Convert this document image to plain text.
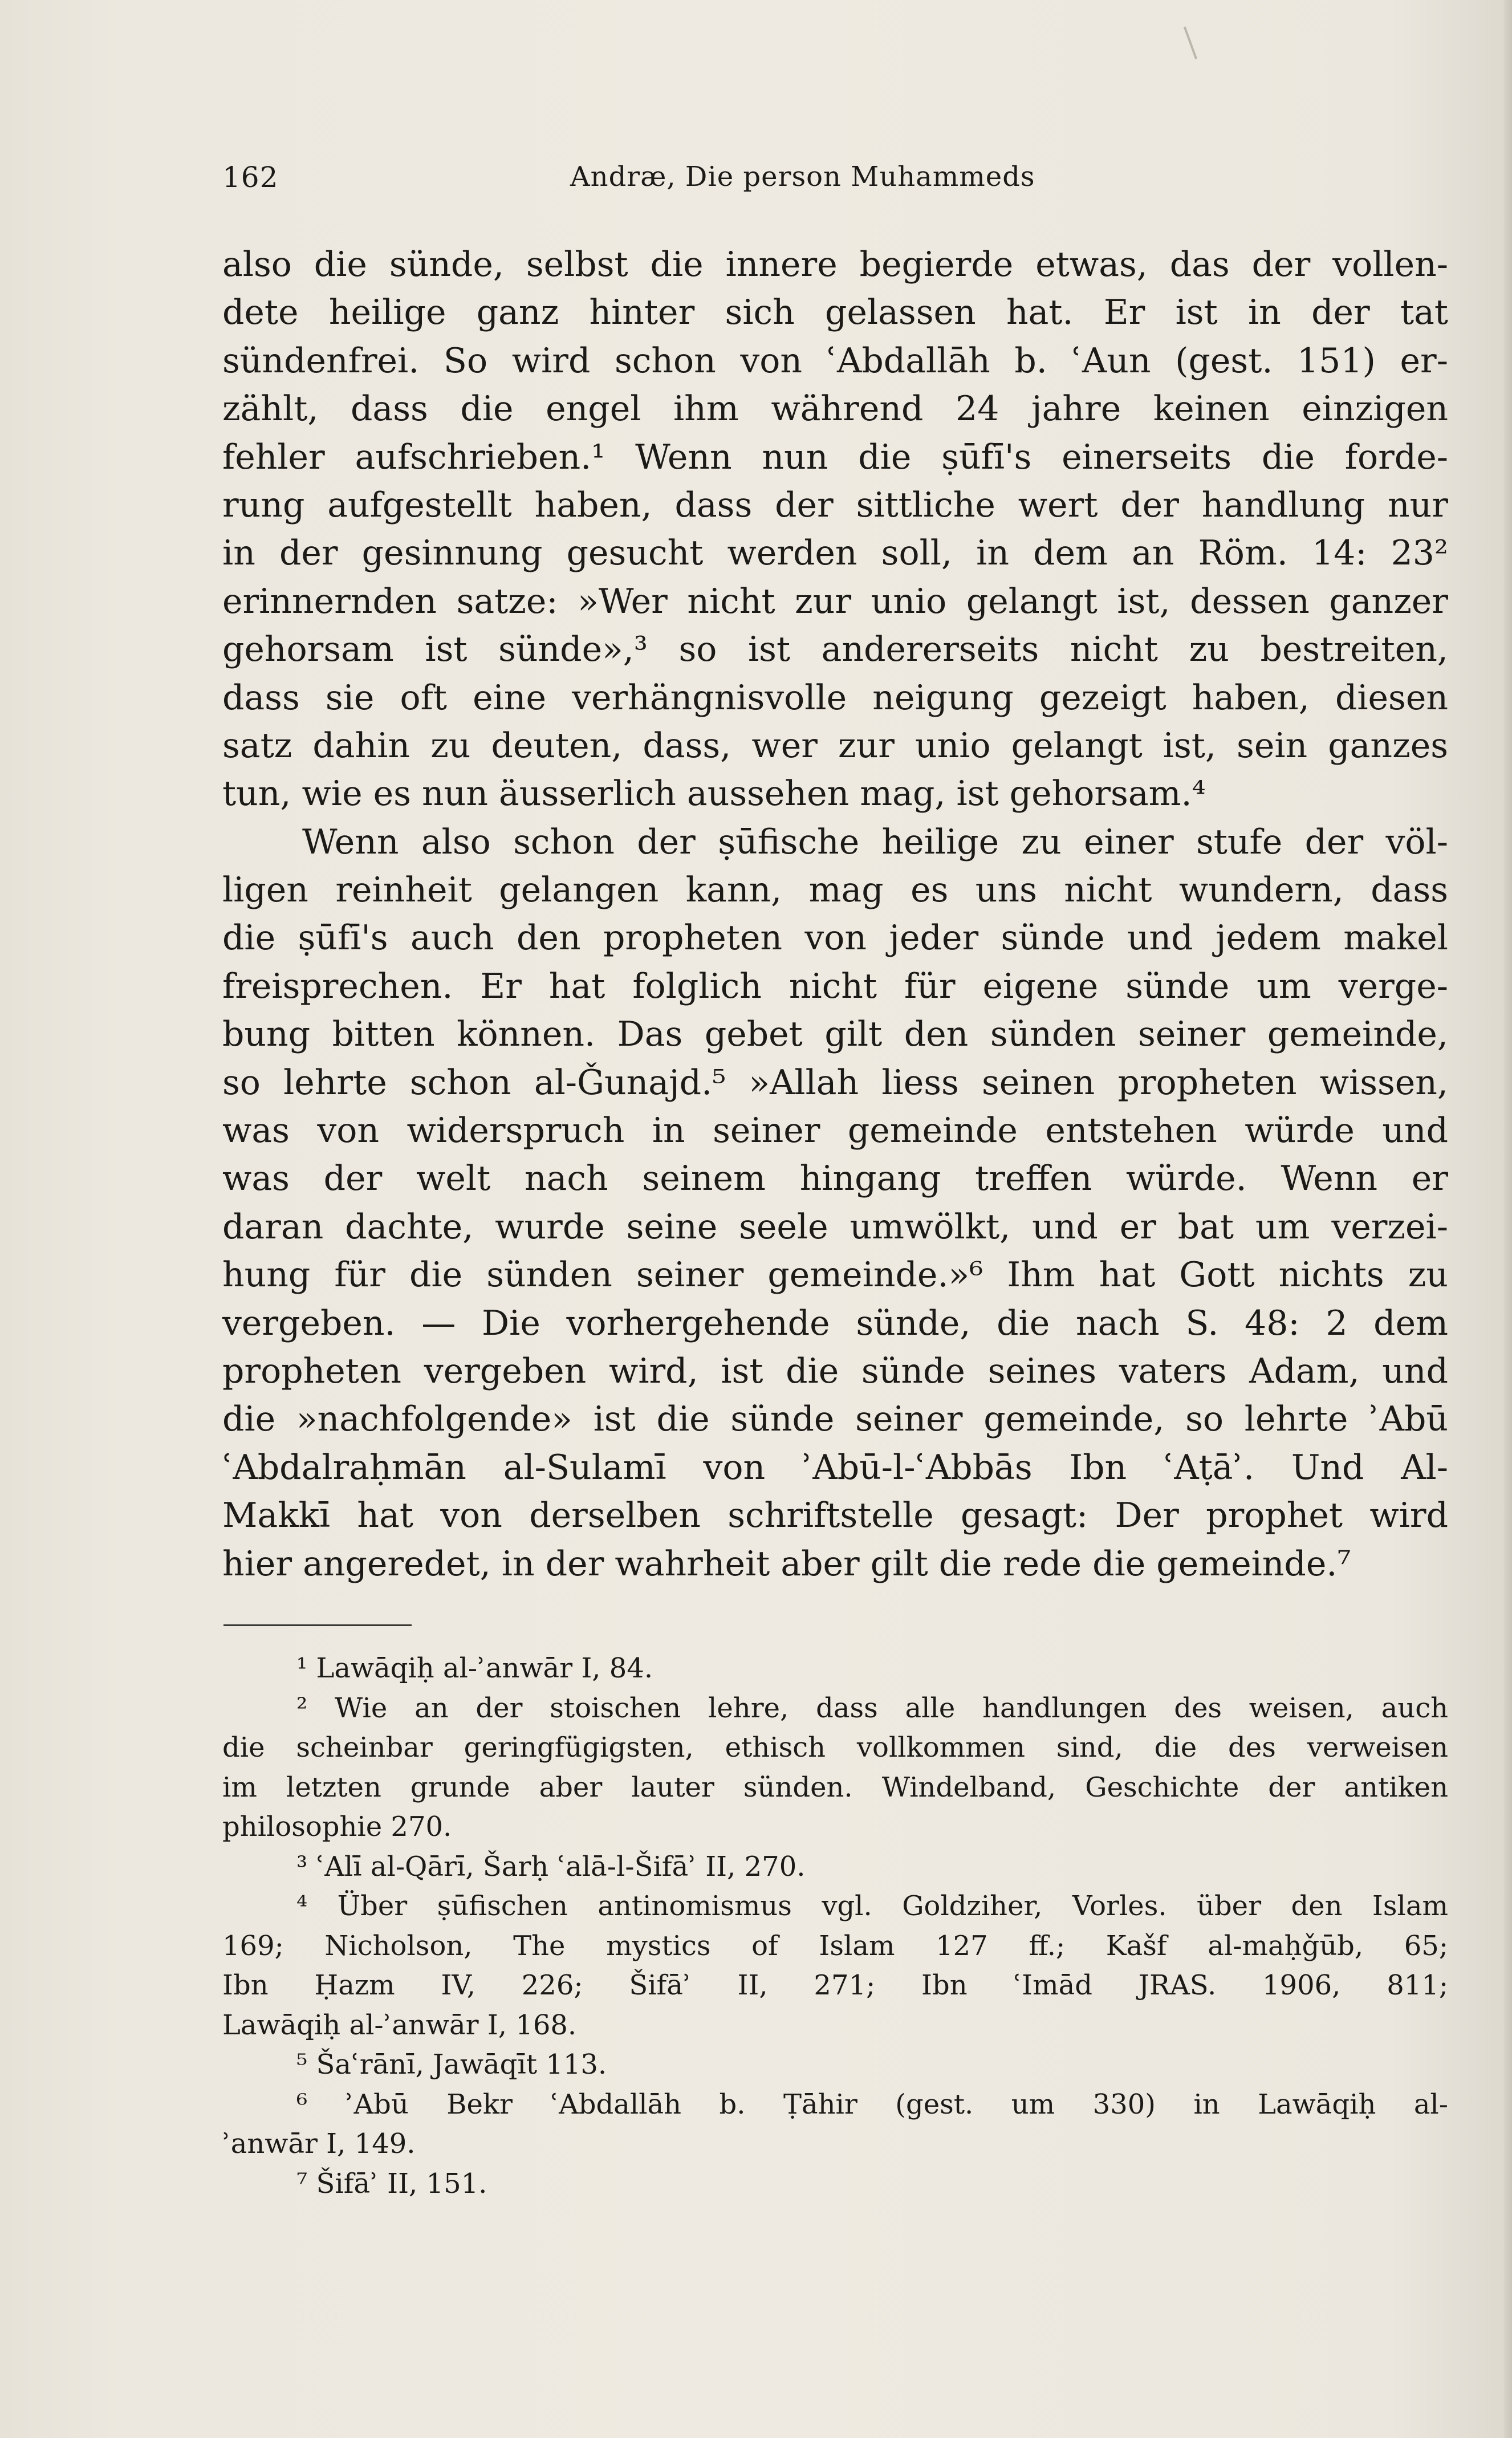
162	Andræ, Die person Muhammeds
also die sünde, selbst die innere begierde etwas, das der vollen-
dete heilige ganz hinter sich gelassen hat. Er ist in der tat
sündenfrei. So wird schon von ʿAbdallāh b. ʿAun (gest. 151) er-
zählt, dass die engel ihm während 24 jahre keinen einzigen
fehler aufschrieben.¹ Wenn nun die ṣūfī's einerseits die forde-
rung aufgestellt haben, dass der sittliche wert der handlung nur
in der gesinnung gesucht werden soll, in dem an Röm. 14: 23²
erinnernden satze: »Wer nicht zur unio gelangt ist, dessen ganzer
gehorsam ist sünde»,³ so ist andererseits nicht zu bestreiten,
dass sie oft eine verhängnisvolle neigung gezeigt haben, diesen
satz dahin zu deuten, dass, wer zur unio gelangt ist, sein ganzes
tun, wie es nun äusserlich aussehen mag, ist gehorsam.⁴
Wenn also schon der ṣūfische heilige zu einer stufe der völ-
ligen reinheit gelangen kann, mag es uns nicht wundern, dass
die ṣūfī's auch den propheten von jeder sünde und jedem makel
freisprechen. Er hat folglich nicht für eigene sünde um verge-
bung bitten können. Das gebet gilt den sünden seiner gemeinde,
so lehrte schon al-Ǧunajd.⁵ »Allah liess seinen propheten wissen,
was von widerspruch in seiner gemeinde entstehen würde und
was der welt nach seinem hingang treffen würde. Wenn er
daran dachte, wurde seine seele umwölkt, und er bat um verzei-
hung für die sünden seiner gemeinde.»⁶ Ihm hat Gott nichts zu
vergeben. — Die vorhergehende sünde, die nach S. 48: 2 dem
propheten vergeben wird, ist die sünde seines vaters Adam, und
die »nachfolgende» ist die sünde seiner gemeinde, so lehrte ʾAbū
ʿAbdalraḥmān al-Sulamī von ʾAbū-l-ʿAbbās Ibn ʿAṭāʾ. Und Al-
Makkī hat von derselben schriftstelle gesagt: Der prophet wird
hier angeredet, in der wahrheit aber gilt die rede die gemeinde.⁷
¹ Lawāqiḥ al-ʾanwār I, 84.
² Wie an der stoischen lehre, dass alle handlungen des weisen, auch
die scheinbar geringfügigsten, ethisch vollkommen sind, die des verweisen
im letzten grunde aber lauter sünden. Windelband, Geschichte der antiken
philosophie 270.
³ ʿAlī al-Qārī, Šarḥ ʿalā-l-Šifāʾ II, 270.
⁴ Über ṣūfischen antinomismus vgl. Goldziher, Vorles. über den Islam
169; Nicholson, The mystics of Islam 127 ff.; Kašf al-maḥǧūb, 65;
Ibn Ḥazm IV, 226; Šifāʾ II, 271; Ibn ʿImād JRAS. 1906, 811;
Lawāqiḥ al-ʾanwār I, 168.
⁵ Šaʿrānī, Jawāqīt 113.
⁶ ʾAbū Bekr ʿAbdallāh b. Ṭāhir (gest. um 330) in Lawāqiḥ al-
ʾanwār I, 149.
⁷ Šifāʾ II, 151.
